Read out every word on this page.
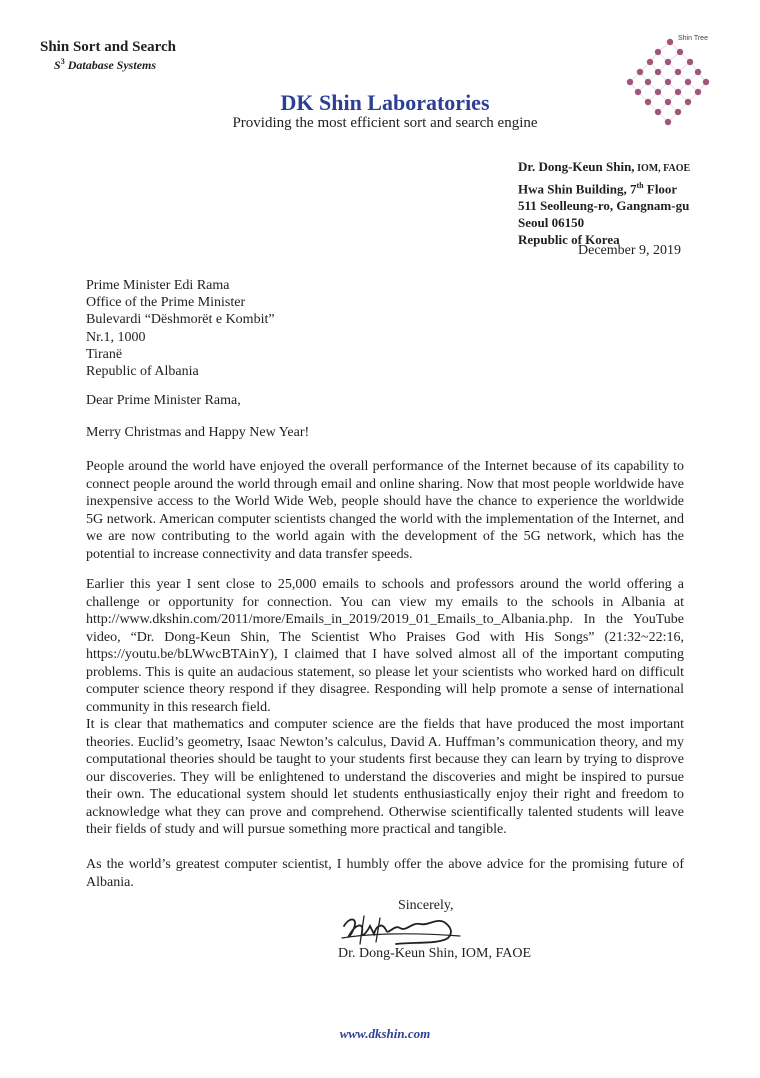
Shin Sort and Search
$S^3$ Database Systems
DK Shin Laboratories
Providing the most efficient sort and search engine
Shin Tree
Dr. Dong-Keun Shin, IOM, FAOE
Hwa Shin Building, 7th Floor
511 Seolleung-ro, Gangnam-gu
Seoul 06150
Republic of Korea
December 9, 2019
Prime Minister Edi Rama
Office of the Prime Minister
Bulevardi “Dëshmorët e Kombit”
Nr.1, 1000
Tiranë
Republic of Albania
Dear Prime Minister Rama,
Merry Christmas and Happy New Year!
People around the world have enjoyed the overall performance of the Internet because of its capability to connect people around the world through email and online sharing. Now that most people worldwide have inexpensive access to the World Wide Web, people should have the chance to experience the worldwide 5G network. American computer scientists changed the world with the implementation of the Internet, and we are now contributing to the world again with the development of the 5G network, which has the potential to increase connectivity and data transfer speeds.
Earlier this year I sent close to 25,000 emails to schools and professors around the world offering a challenge or opportunity for connection. You can view my emails to the schools in Albania at http://www.dkshin.com/2011/more/Emails_in_2019/2019_01_Emails_to_Albania.php. In the YouTube video, “Dr. Dong-Keun Shin, The Scientist Who Praises God with His Songs” (21:32~22:16, https://youtu.be/bLWwcBTAinY), I claimed that I have solved almost all of the important computing problems. This is quite an audacious statement, so please let your scientists who worked hard on difficult computer science theory respond if they disagree. Responding will help promote a sense of international community in this research field.
It is clear that mathematics and computer science are the fields that have produced the most important theories. Euclid’s geometry, Isaac Newton’s calculus, David A. Huffman’s communication theory, and my computational theories should be taught to your students first because they can learn by trying to disprove our discoveries. They will be enlightened to understand the discoveries and might be inspired to pursue their own. The educational system should let students enthusiastically enjoy their right and freedom to acknowledge what they can prove and comprehend. Otherwise scientifically talented students will leave their fields of study and will pursue something more practical and tangible.
As the world’s greatest computer scientist, I humbly offer the above advice for the promising future of Albania.
Sincerely,
Dr. Dong-Keun Shin, IOM, FAOE
www.dkshin.com
